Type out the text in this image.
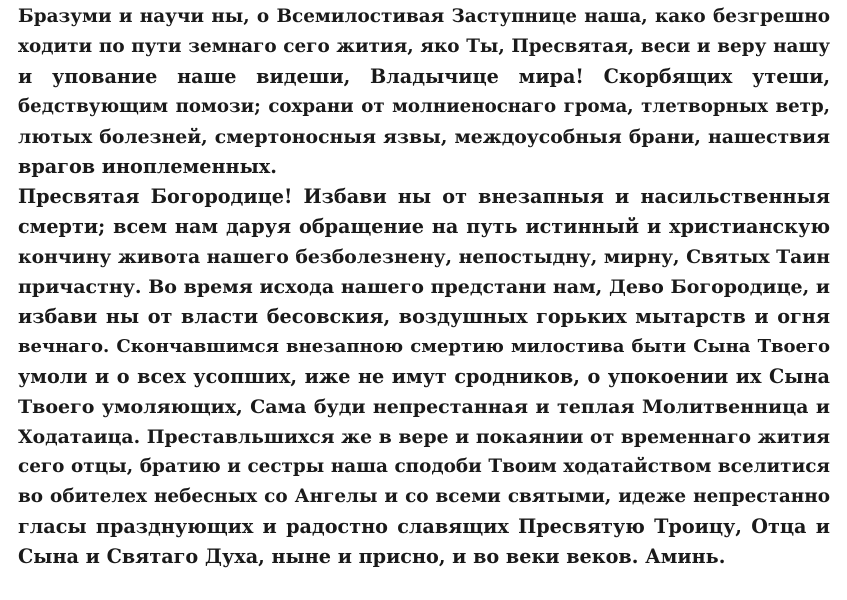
Бразуми и научи ны, о Всемилостивая Заступнице наша, како безгрешно
ходити по пути земнаго сего жития, яко Ты, Пресвятая, веси и веру нашу
и упование наше видеши, Владычице мира! Скорбящих утеши,
бедствующим помози; сохрани от молниеноснаго грома, тлетворных ветр,
лютых болезней, смертоносныя язвы, междоусобныя брани, нашествия
врагов иноплеменных.
Пресвятая Богородице! Избави ны от внезапныя и насильственныя
смерти; всем нам даруя обращение на путь истинный и христианскую
кончину живота нашего безболезнену, непостыдну, мирну, Святых Таин
причастну. Во время исхода нашего предстани нам, Дево Богородице, и
избави ны от власти бесовския, воздушных горьких мытарств и огня
вечнаго. Скончавшимся внезапною смертию милостива быти Сына Твоего
умоли и о всех усопших, иже не имут сродников, о упокоении их Сына
Твоего умоляющих, Сама буди непрестанная и теплая Молитвенница и
Ходатаица. Преставльшихся же в вере и покаянии от временнаго жития
сего отцы, братию и сестры наша сподоби Твоим ходатайством вселитися
во обителех небесных со Ангелы и со всеми святыми, идеже непрестанно
гласы празднующих и радостно славящих Пресвятую Троицу, Отца и
Сына и Святаго Духа, ныне и присно, и во веки веков. Аминь.
